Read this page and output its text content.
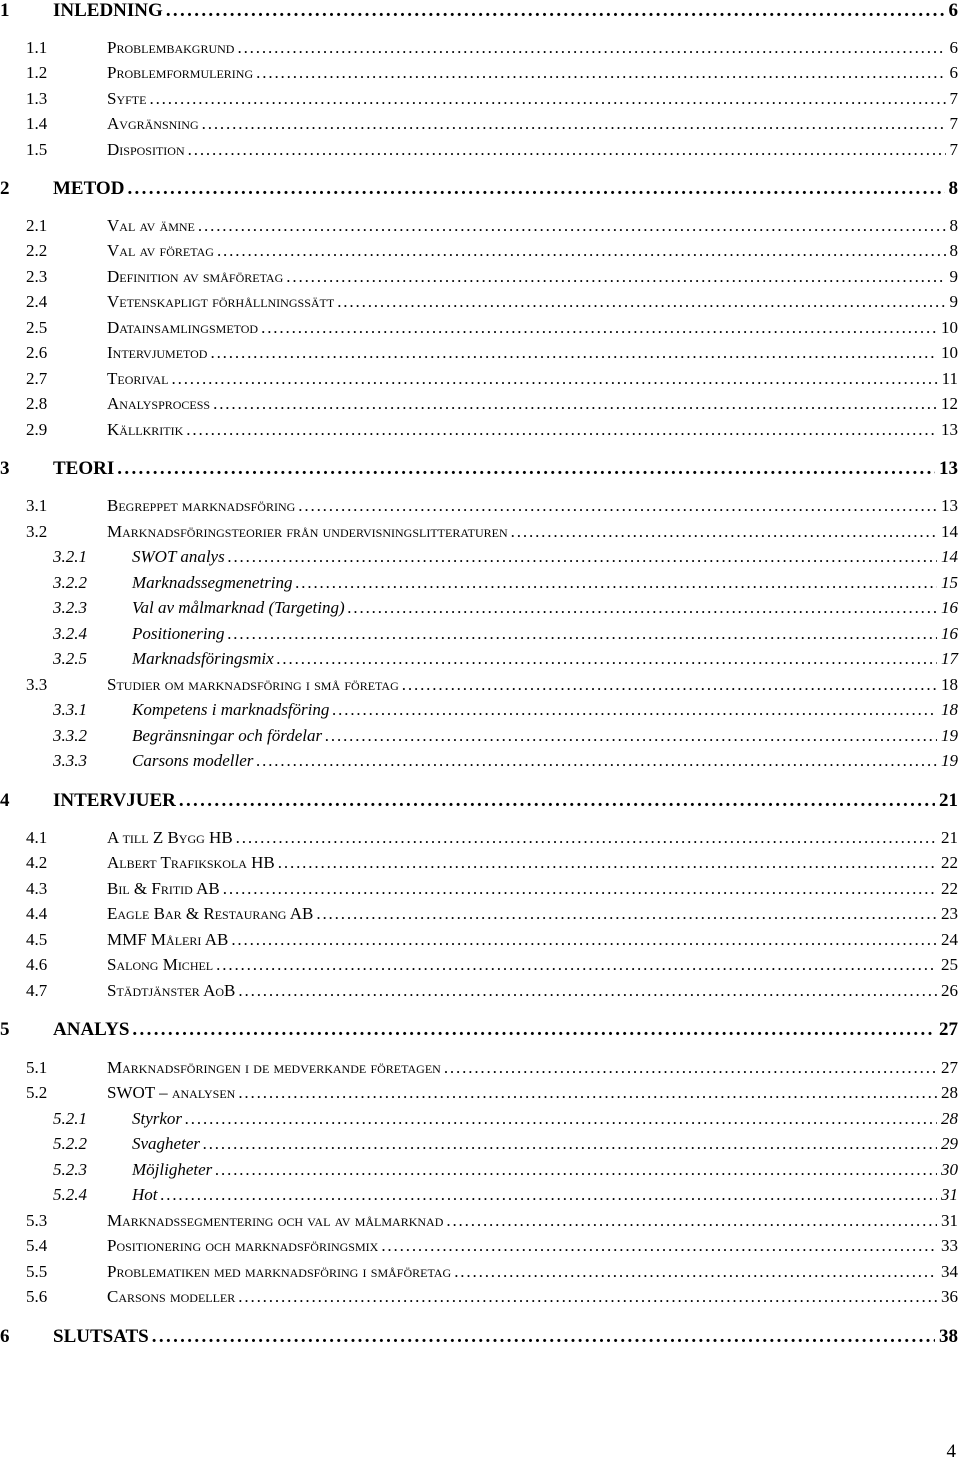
1	INLEDNING . . .	6
1.1	Problembakgrund . . .	6
1.2	Problemformulering . . .	6
1.3	Syfte . . .	7
1.4	Avgränsning . . .	7
1.5	Disposition . . .	7
2	METOD . . .	8
2.1	Val av ämne . . .	8
2.2	Val av företag . . .	8
2.3	Definition av småföretag . . .	9
2.4	Vetenskapligt förhållningssätt . . .	9
2.5	Datainsamlingsmetod . . .	10
2.6	Intervjumetod . . .	10
2.7	Teorival . . .	11
2.8	Analysprocess . . .	12
2.9	Källkritik . . .	13
3	TEORI . . .	13
3.1	Begreppet marknadsföring . . .	13
3.2	Marknadsföringsteorier från undervisningslitteraturen . . .	14
3.2.1	SWOT analys . . .	14
3.2.2	Marknadssegmenetring . . .	15
3.2.3	Val av målmarknad (Targeting) . . .	16
3.2.4	Positionering . . .	16
3.2.5	Marknadsföringsmix . . .	17
3.3	Studier om marknadsföring i små företag . . .	18
3.3.1	Kompetens i marknadsföring . . .	18
3.3.2	Begränsningar och fördelar . . .	19
3.3.3	Carsons modeller . . .	19
4	INTERVJUER . . .	21
4.1	A till Z Bygg HB . . .	21
4.2	Albert Trafikskola HB . . .	22
4.3	Bil & Fritid AB . . .	22
4.4	Eagle Bar & Restaurang AB . . .	23
4.5	MMF Måleri AB . . .	24
4.6	Salong Michel . . .	25
4.7	Städtjänster AoB . . .	26
5	ANALYS . . .	27
5.1	Marknadsföringen i de medverkande företagen . . .	27
5.2	SWOT – analysen . . .	28
5.2.1	Styrkor . . .	28
5.2.2	Svagheter . . .	29
5.2.3	Möjligheter . . .	30
5.2.4	Hot . . .	31
5.3	Marknadssegmentering och val av målmarknad . . .	31
5.4	Positionering och marknadsföringsmix . . .	33
5.5	Problematiken med marknadsföring i småföretag . . .	34
5.6	Carsons modeller . . .	36
6	SLUTSATS . . .	38
4
